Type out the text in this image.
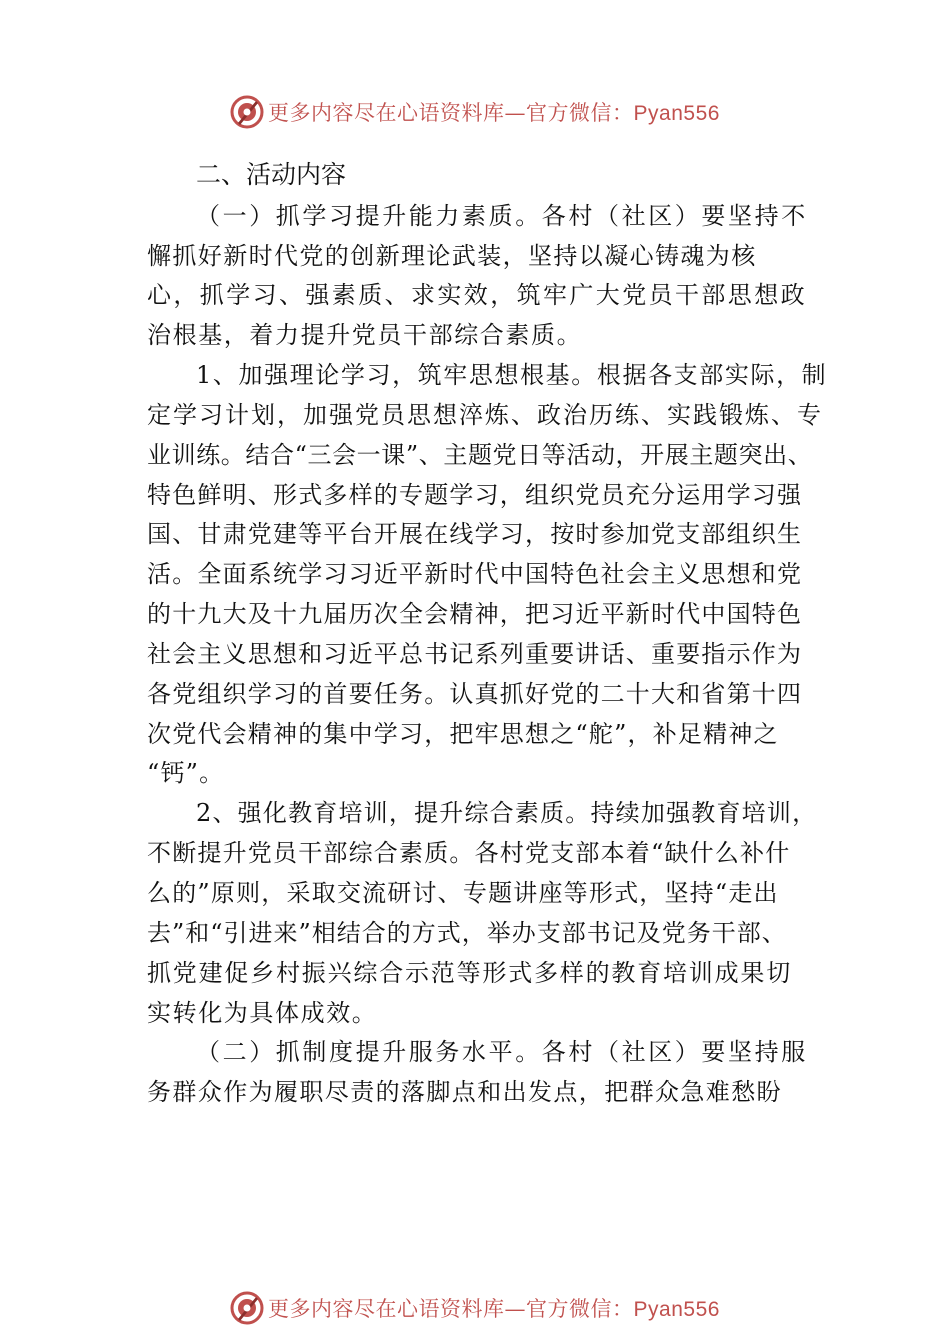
更多内容尽在心语资料库—官方微信：Pyan556
二、活动内容
（一）抓学习提升能力素质。各村（社区）要坚持不
懈抓好新时代党的创新理论武装，坚持以凝心铸魂为核
心，抓学习、强素质、求实效，筑牢广大党员干部思想政
治根基，着力提升党员干部综合素质。
1、加强理论学习，筑牢思想根基。根据各支部实际，制
定学习计划，加强党员思想淬炼、政治历练、实践锻炼、专
业训练。结合“三会一课”、主题党日等活动，开展主题突出、
特色鲜明、形式多样的专题学习，组织党员充分运用学习强
国、甘肃党建等平台开展在线学习，按时参加党支部组织生
活。全面系统学习习近平新时代中国特色社会主义思想和党
的十九大及十九届历次全会精神，把习近平新时代中国特色
社会主义思想和习近平总书记系列重要讲话、重要指示作为
各党组织学习的首要任务。认真抓好党的二十大和省第十四
次党代会精神的集中学习，把牢思想之“舵”，补足精神之
“钙”。
2、强化教育培训，提升综合素质。持续加强教育培训，
不断提升党员干部综合素质。各村党支部本着“缺什么补什
么的”原则，采取交流研讨、专题讲座等形式，坚持“走出
去”和“引进来”相结合的方式，举办支部书记及党务干部、
抓党建促乡村振兴综合示范等形式多样的教育培训成果切
实转化为具体成效。
（二）抓制度提升服务水平。各村（社区）要坚持服
务群众作为履职尽责的落脚点和出发点，把群众急难愁盼
更多内容尽在心语资料库—官方微信：Pyan556
